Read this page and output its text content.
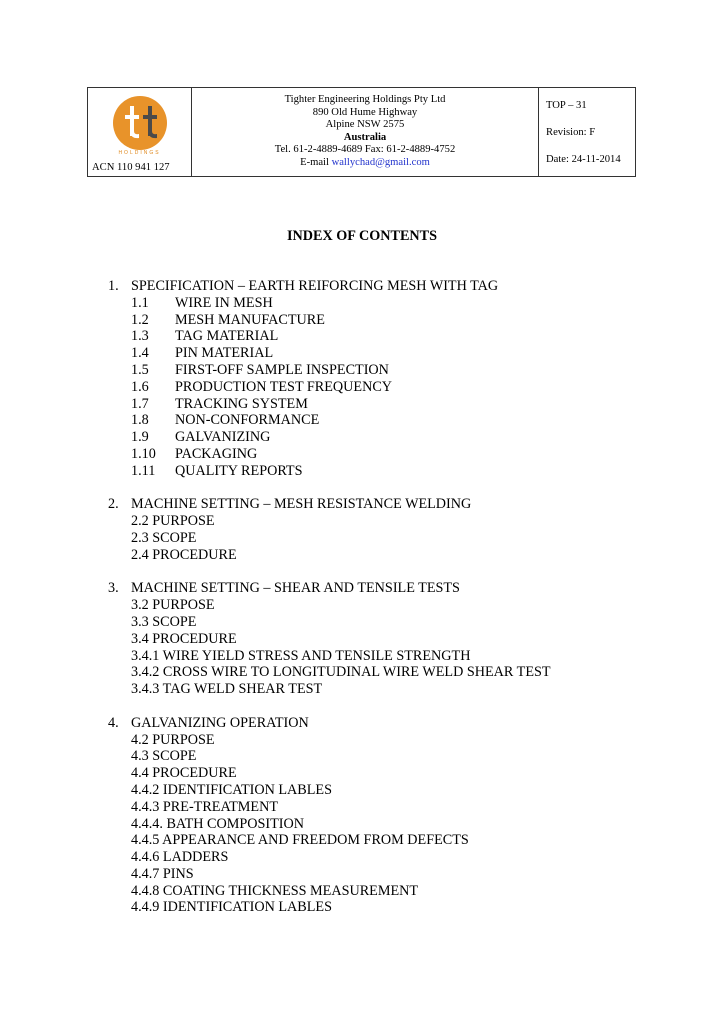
HOLDINGS
ACN 110 941 127
Tighter Engineering Holdings Pty Ltd
890 Old Hume Highway
Alpine NSW 2575
Australia
Tel. 61-2-4889-4689 Fax: 61-2-4889-4752
E-mail wallychad@gmail.com
TOP – 31
Revision: F
Date: 24-11-2014
INDEX OF CONTENTS
1. SPECIFICATION – EARTH REIFORCING MESH WITH TAG
1.1 WIRE IN MESH
1.2 MESH MANUFACTURE
1.3 TAG MATERIAL
1.4 PIN MATERIAL
1.5 FIRST-OFF SAMPLE INSPECTION
1.6 PRODUCTION TEST FREQUENCY
1.7 TRACKING SYSTEM
1.8 NON-CONFORMANCE
1.9 GALVANIZING
1.10 PACKAGING
1.11 QUALITY REPORTS
2. MACHINE SETTING – MESH RESISTANCE WELDING
2.2 PURPOSE
2.3 SCOPE
2.4 PROCEDURE
3. MACHINE SETTING – SHEAR AND TENSILE TESTS
3.2 PURPOSE
3.3 SCOPE
3.4 PROCEDURE
3.4.1 WIRE YIELD STRESS AND TENSILE STRENGTH
3.4.2 CROSS WIRE TO LONGITUDINAL WIRE WELD SHEAR TEST
3.4.3 TAG WELD SHEAR TEST
4. GALVANIZING OPERATION
4.2 PURPOSE
4.3 SCOPE
4.4 PROCEDURE
4.4.2 IDENTIFICATION LABLES
4.4.3 PRE-TREATMENT
4.4.4. BATH COMPOSITION
4.4.5 APPEARANCE AND FREEDOM FROM DEFECTS
4.4.6 LADDERS
4.4.7 PINS
4.4.8 COATING THICKNESS MEASUREMENT
4.4.9 IDENTIFICATION LABLES
